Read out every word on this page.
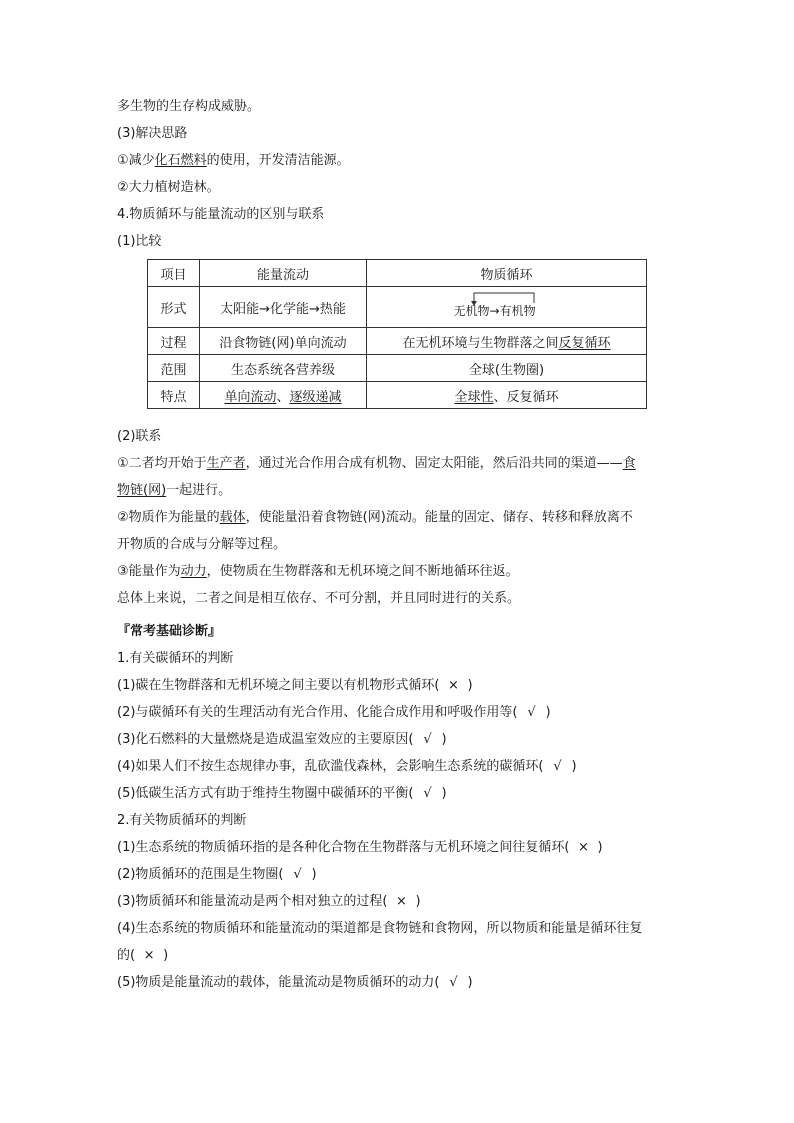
多生物的生存构成威胁。
(3)解决思路
①减少化石燃料的使用，开发清洁能源。
②大力植树造林。
4.物质循环与能量流动的区别与联系
(1)比较
项目	能量流动	物质循环
形式	太阳能→化学能→热能	无机物→有机物

过程	沿食物链(网)单向流动	在无机环境与生物群落之间反复循环
范围	生态系统各营养级	全球(生物圈)
特点	单向流动、逐级递减	全球性、反复循环
(2)联系
①二者均开始于生产者，通过光合作用合成有机物、固定太阳能，然后沿共同的渠道——食
物链(网)一起进行。
②物质作为能量的载体，使能量沿着食物链(网)流动。能量的固定、储存、转移和释放离不
开物质的合成与分解等过程。
③能量作为动力，使物质在生物群落和无机环境之间不断地循环往返。
总体上来说，二者之间是相互依存、不可分割，并且同时进行的关系。
『常考基础诊断』
1.有关碳循环的判断
(1)碳在生物群落和无机环境之间主要以有机物形式循环( × )
(2)与碳循环有关的生理活动有光合作用、化能合成作用和呼吸作用等( √ )
(3)化石燃料的大量燃烧是造成温室效应的主要原因( √ )
(4)如果人们不按生态规律办事，乱砍滥伐森林，会影响生态系统的碳循环( √ )
(5)低碳生活方式有助于维持生物圈中碳循环的平衡( √ )
2.有关物质循环的判断
(1)生态系统的物质循环指的是各种化合物在生物群落与无机环境之间往复循环( × )
(2)物质循环的范围是生物圈( √ )
(3)物质循环和能量流动是两个相对独立的过程( × )
(4)生态系统的物质循环和能量流动的渠道都是食物链和食物网，所以物质和能量是循环往复
的( × )
(5)物质是能量流动的载体，能量流动是物质循环的动力( √ )
